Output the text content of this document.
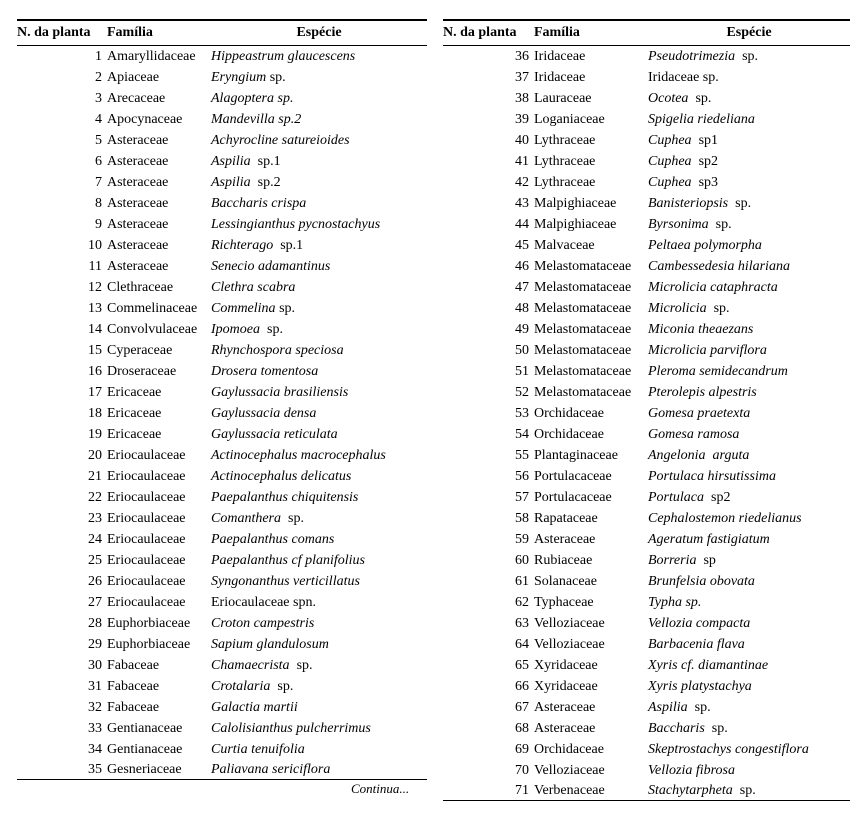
N. da planta	Família	Espécie
1	Amaryllidaceae	Hippeastrum glaucescens
2	Apiaceae	Eryngium sp.
3	Arecaceae	Alagoptera sp.
4	Apocynaceae	Mandevilla sp.2
5	Asteraceae	Achyrocline satureioides
6	Asteraceae	Aspilia  sp.1
7	Asteraceae	Aspilia  sp.2
8	Asteraceae	Baccharis crispa
9	Asteraceae	Lessingianthus pycnostachyus
10	Asteraceae	Richterago  sp.1
11	Asteraceae	Senecio adamantinus
12	Clethraceae	Clethra scabra
13	Commelinaceae	Commelina sp.
14	Convolvulaceae	Ipomoea  sp.
15	Cyperaceae	Rhynchospora speciosa
16	Droseraceae	Drosera tomentosa
17	Ericaceae	Gaylussacia brasiliensis
18	Ericaceae	Gaylussacia densa
19	Ericaceae	Gaylussacia reticulata
20	Eriocaulaceae	Actinocephalus macrocephalus
21	Eriocaulaceae	Actinocephalus delicatus
22	Eriocaulaceae	Paepalanthus chiquitensis
23	Eriocaulaceae	Comanthera  sp.
24	Eriocaulaceae	Paepalanthus comans
25	Eriocaulaceae	Paepalanthus cf planifolius
26	Eriocaulaceae	Syngonanthus verticillatus
27	Eriocaulaceae	Eriocaulaceae spn.
28	Euphorbiaceae	Croton campestris
29	Euphorbiaceae	Sapium glandulosum
30	Fabaceae	Chamaecrista  sp.
31	Fabaceae	Crotalaria  sp.
32	Fabaceae	Galactia martii
33	Gentianaceae	Calolisianthus pulcherrimus
34	Gentianaceae	Curtia tenuifolia
35	Gesneriaceae	Paliavana sericiflora
N. da planta	Família	Espécie
36	Iridaceae	Pseudotrimezia  sp.
37	Iridaceae	Iridaceae sp.
38	Lauraceae	Ocotea  sp.
39	Loganiaceae	Spigelia riedeliana
40	Lythraceae	Cuphea  sp1
41	Lythraceae	Cuphea  sp2
42	Lythraceae	Cuphea  sp3
43	Malpighiaceae	Banisteriopsis  sp.
44	Malpighiaceae	Byrsonima  sp.
45	Malvaceae	Peltaea polymorpha
46	Melastomataceae	Cambessedesia hilariana
47	Melastomataceae	Microlicia cataphracta
48	Melastomataceae	Microlicia  sp.
49	Melastomataceae	Miconia theaezans
50	Melastomataceae	Microlicia parviflora
51	Melastomataceae	Pleroma semidecandrum
52	Melastomataceae	Pterolepis alpestris
53	Orchidaceae	Gomesa praetexta
54	Orchidaceae	Gomesa ramosa
55	Plantaginaceae	Angelonia  arguta
56	Portulacaceae	Portulaca hirsutissima
57	Portulacaceae	Portulaca  sp2
58	Rapataceae	Cephalostemon riedelianus
59	Asteraceae	Ageratum fastigiatum
60	Rubiaceae	Borreria  sp
61	Solanaceae	Brunfelsia obovata
62	Typhaceae	Typha sp.
63	Velloziaceae	Vellozia compacta
64	Velloziaceae	Barbacenia flava
65	Xyridaceae	Xyris cf. diamantinae
66	Xyridaceae	Xyris platystachya
67	Asteraceae	Aspilia  sp.
68	Asteraceae	Baccharis  sp.
69	Orchidaceae	Skeptrostachys congestiflora
70	Velloziaceae	Vellozia fibrosa
71	Verbenaceae	Stachytarpheta  sp.
Continua...
